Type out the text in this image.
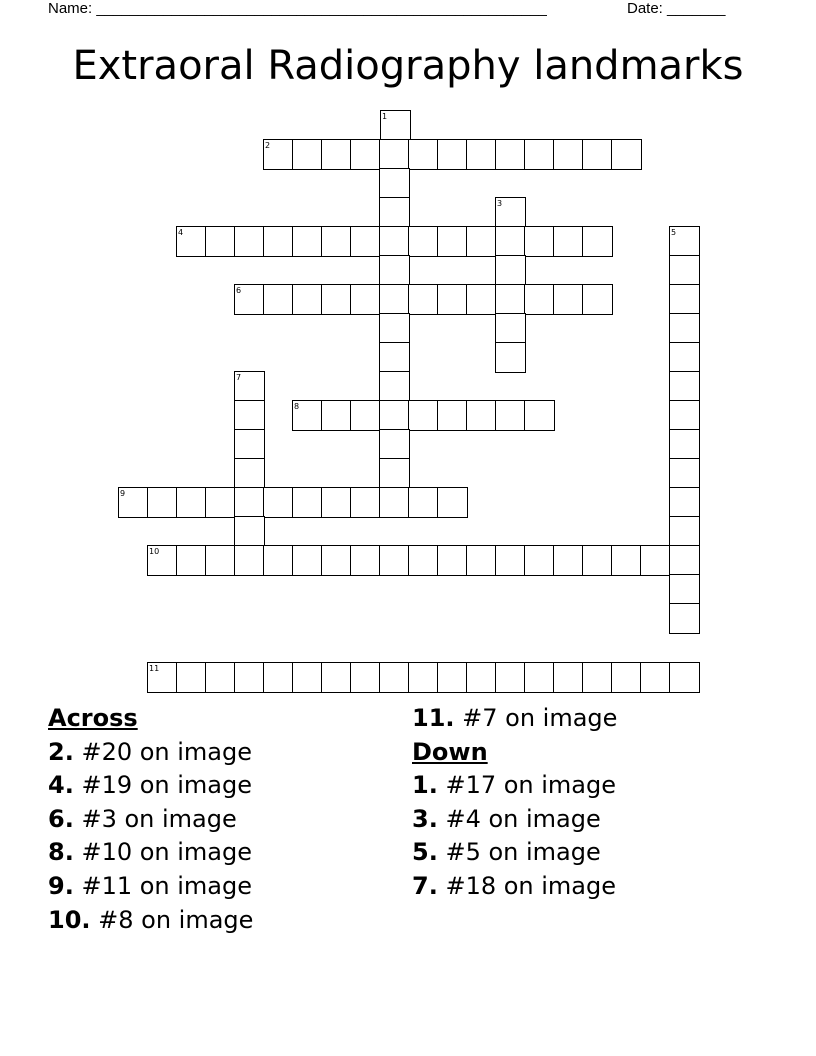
Name: ______________________________________________________	Date: _______
Extraoral Radiography landmarks
1
2
3
4	5
6
7
8
9
10
11
Across
2. #20 on image
4. #19 on image
6. #3 on image
8. #10 on image
9. #11 on image
10. #8 on image
11. #7 on image
Down
1. #17 on image
3. #4 on image
5. #5 on image
7. #18 on image
